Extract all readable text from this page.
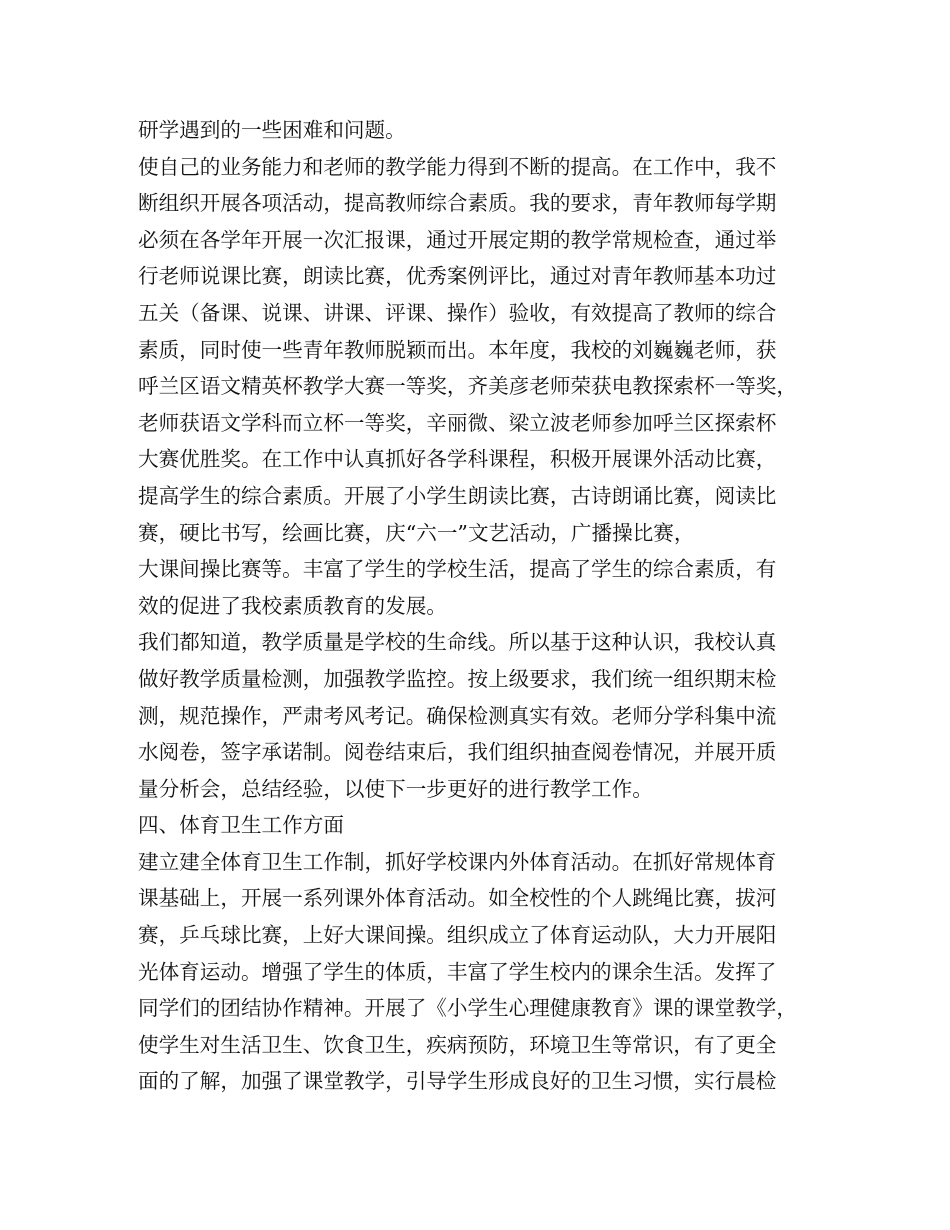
研学遇到的一些困难和问题。
使自己的业务能力和老师的教学能力得到不断的提高。在工作中，我不
断组织开展各项活动，提高教师综合素质。我的要求，青年教师每学期
必须在各学年开展一次汇报课，通过开展定期的教学常规检查，通过举
行老师说课比赛，朗读比赛，优秀案例评比，通过对青年教师基本功过
五关（备课、说课、讲课、评课、操作）验收，有效提高了教师的综合
素质，同时使一些青年教师脱颖而出。本年度，我校的刘巍巍老师，获
呼兰区语文精英杯教学大赛一等奖，齐美彦老师荣获电教探索杯一等奖，
老师获语文学科而立杯一等奖，辛丽微、梁立波老师参加呼兰区探索杯
大赛优胜奖。在工作中认真抓好各学科课程，积极开展课外活动比赛，
提高学生的综合素质。开展了小学生朗读比赛，古诗朗诵比赛，阅读比
赛，硬比书写，绘画比赛，庆“六一”文艺活动，广播操比赛，
大课间操比赛等。丰富了学生的学校生活，提高了学生的综合素质，有
效的促进了我校素质教育的发展。
我们都知道，教学质量是学校的生命线。所以基于这种认识，我校认真
做好教学质量检测，加强教学监控。按上级要求，我们统一组织期末检
测，规范操作，严肃考风考记。确保检测真实有效。老师分学科集中流
水阅卷，签字承诺制。阅卷结束后，我们组织抽查阅卷情况，并展开质
量分析会，总结经验，以使下一步更好的进行教学工作。
四、体育卫生工作方面
建立建全体育卫生工作制，抓好学校课内外体育活动。在抓好常规体育
课基础上，开展一系列课外体育活动。如全校性的个人跳绳比赛，拔河
赛，乒乓球比赛，上好大课间操。组织成立了体育运动队，大力开展阳
光体育运动。增强了学生的体质，丰富了学生校内的课余生活。发挥了
同学们的团结协作精神。开展了《小学生心理健康教育》课的课堂教学，
使学生对生活卫生、饮食卫生，疾病预防，环境卫生等常识，有了更全
面的了解，加强了课堂教学，引导学生形成良好的卫生习惯，实行晨检
